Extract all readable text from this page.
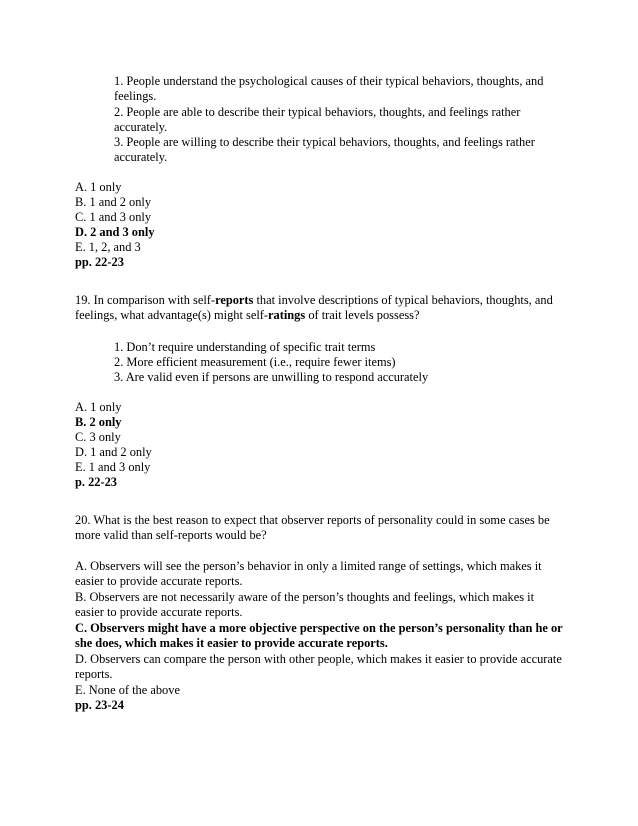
1. People understand the psychological causes of their typical behaviors, thoughts, and feelings.
2. People are able to describe their typical behaviors, thoughts, and feelings rather accurately.
3. People are willing to describe their typical behaviors, thoughts, and feelings rather accurately.
A. 1 only
B. 1 and 2 only
C. 1 and 3 only
D. 2 and 3 only
E. 1, 2, and 3
pp. 22-23
19. In comparison with self-reports that involve descriptions of typical behaviors, thoughts, and feelings, what advantage(s) might self-ratings of trait levels possess?
1. Don’t require understanding of specific trait terms
2. More efficient measurement (i.e., require fewer items)
3. Are valid even if persons are unwilling to respond accurately
A. 1 only
B. 2 only
C. 3 only
D. 1 and 2 only
E. 1 and 3 only
p. 22-23
20. What is the best reason to expect that observer reports of personality could in some cases be more valid than self-reports would be?
A. Observers will see the person’s behavior in only a limited range of settings, which makes it easier to provide accurate reports.
B. Observers are not necessarily aware of the person’s thoughts and feelings, which makes it easier to provide accurate reports.
C. Observers might have a more objective perspective on the person’s personality than he or she does, which makes it easier to provide accurate reports.
D. Observers can compare the person with other people, which makes it easier to provide accurate reports.
E. None of the above
pp. 23-24
